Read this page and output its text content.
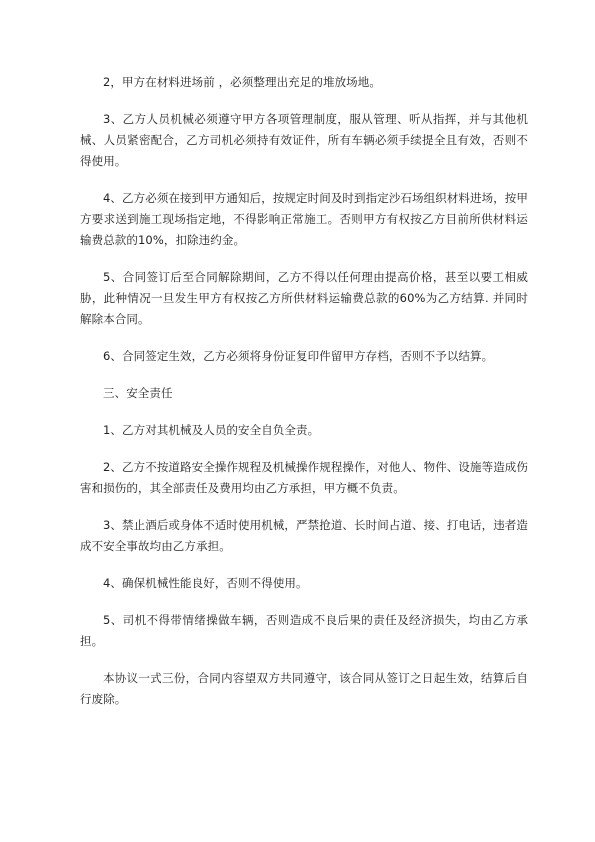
2，甲方在材料进场前 ，必须整理出充足的堆放场地。

3、乙方人员机械必须遵守甲方各项管理制度，服从管理、听从指挥，并与其他机械、人员紧密配合，乙方司机必须持有效证件，所有车辆必须手续提全且有效，否则不得使用。

4、乙方必须在接到甲方通知后，按规定时间及时到指定沙石场组织材料进场，按甲方要求送到施工现场指定地，不得影响正常施工。否则甲方有权按乙方目前所供材料运输费总款的10%，扣除违约金。

5、合同签订后至合同解除期间，乙方不得以任何理由提高价格，甚至以要工相威胁，此种情况一旦发生甲方有权按乙方所供材料运输费总款的60%为乙方结算. 并同时解除本合同。

6、合同签定生效，乙方必须将身份证复印件留甲方存档，否则不予以结算。

三、安全责任

1、乙方对其机械及人员的安全自负全责。

2、乙方不按道路安全操作规程及机械操作规程操作，对他人、物件、设施等造成伤害和损伤的，其全部责任及费用均由乙方承担，甲方概不负责。

3、禁止酒后或身体不适时使用机械，严禁抢道、长时间占道、接、打电话，违者造成不安全事故均由乙方承担。

4、确保机械性能良好，否则不得使用。

5、司机不得带情绪操做车辆，否则造成不良后果的责任及经济损失，均由乙方承担。

本协议一式三份，合同内容望双方共同遵守，该合同从签订之日起生效，结算后自行废除。
